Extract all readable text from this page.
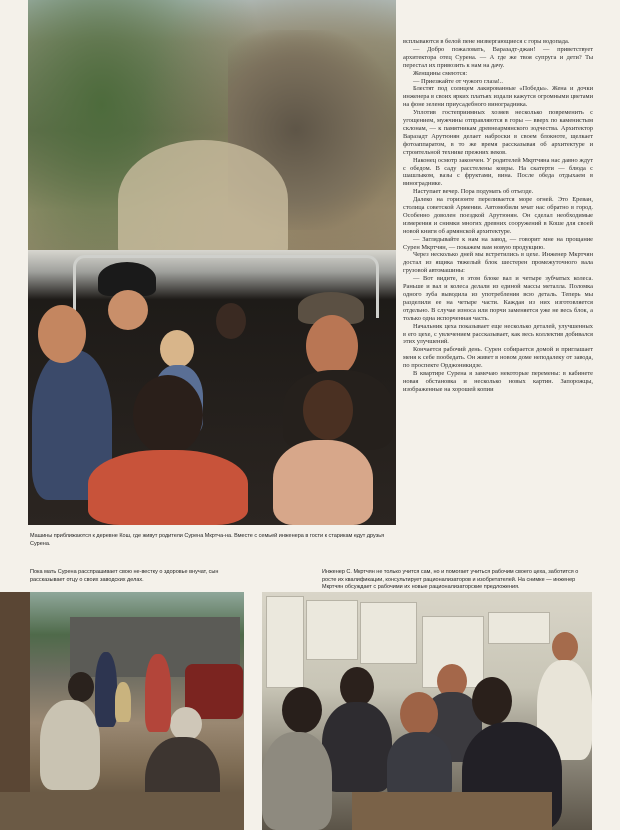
Машины приближаются к деревне Кош, где живут родители Сурена Мкртча-на. Вместе с семьей инженера в гости к старикам едут друзья Сурена.

всплываются в белой пене низвергающиеся с горы водопада.

— Добро пожаловать, Варазадт-джан! — приветствует архитектора отец Сурена. — А где же твоя супруга и дети? Ты перестал их привозить к нам на дачу.

Женщины смеются:

— Приезжайте от чужого глаза!..

Блестят под солнцем лакированные «Победы». Жена и дочки инженера в своих ярких платьях издали кажутся огромными цветами на фоне зелени приусадебного виноградника.

Уплотив гостеприимных хозяев несколько повременить с угощением, мужчины отправляются в горы — вверх по каменистым склонам, — к памятникам древнеармянского зодчества. Архитектор Варазадт Арутюнян делает наброски в своем блокноте, щелкает фотоаппаратом, в то же время рассказывая об архитектуре и строительной технике прежних веков.

Наконец осмотр закончен. У родителей Мкртчяна нас давно ждут с обедом. В саду расстелены ковры. На скатерти — блюда с шашлыком, вазы с фруктами, вина. После обеда отдыхаем в винограднике.

Наступает вечер. Пора подумать об отъезде.

Далеко на горизонте переливается море огней. Это Ереван, столица советской Армении. Автомобили мчат нас обратно в город. Особенно доволен поездкой Арутюнян. Он сделал необходимые измерения и снимки многих древних сооружений в Коше для своей новой книги об армянской архитектуре.

— Заглядывайте к нам на завод, — говорит мне на прощание Сурен Мкртчян, — покажем вам новую продукцию.

Через несколько дней мы встретились в цехе. Инженер Мкртчян достал из ящика тяжелый блок шестерен промежуточного вала грузовой автомашины:

— Вот видите, в этом блоке вал и четыре зубчатых колеса. Раньше и вал и колеса делали из единой массы металла. Поломка одного зуба выводила из употребления всю деталь. Теперь мы разделили ее на четыре части. Каждая из них изготовляется отдельно. В случае износа или порчи заменяется уже не весь блок, а только одна испорченная часть.

Начальник цеха показывает еще несколько деталей, улучшенных в его цехе, с увлечением рассказывает, как весь коллектив добивался этих улучшений.

Кончается рабочий день. Сурен собирается домой и приглашает меня к себе пообедать. Он живет в новом доме неподалеку от завода, по проспекте Орджоникидзе.

В квартире Сурена я замечаю некоторые перемены: в кабинете новая обстановка и несколько новых картин. Запорожцы, изображенные на хорошей копии

Пока мать Сурена расспрашивает свою не-вестку о здоровье внучат, сын рассказывает отцу о своих заводских делах.
Инженер С. Мкртчян не только учится сам, но и помогает учиться рабочим своего цеха, заботится о росте их квалификации, консультирует рационализаторов и изобретателей. На снимке — инженер Мкртчян обсуждает с рабочими их новые рационализаторские предложения.
